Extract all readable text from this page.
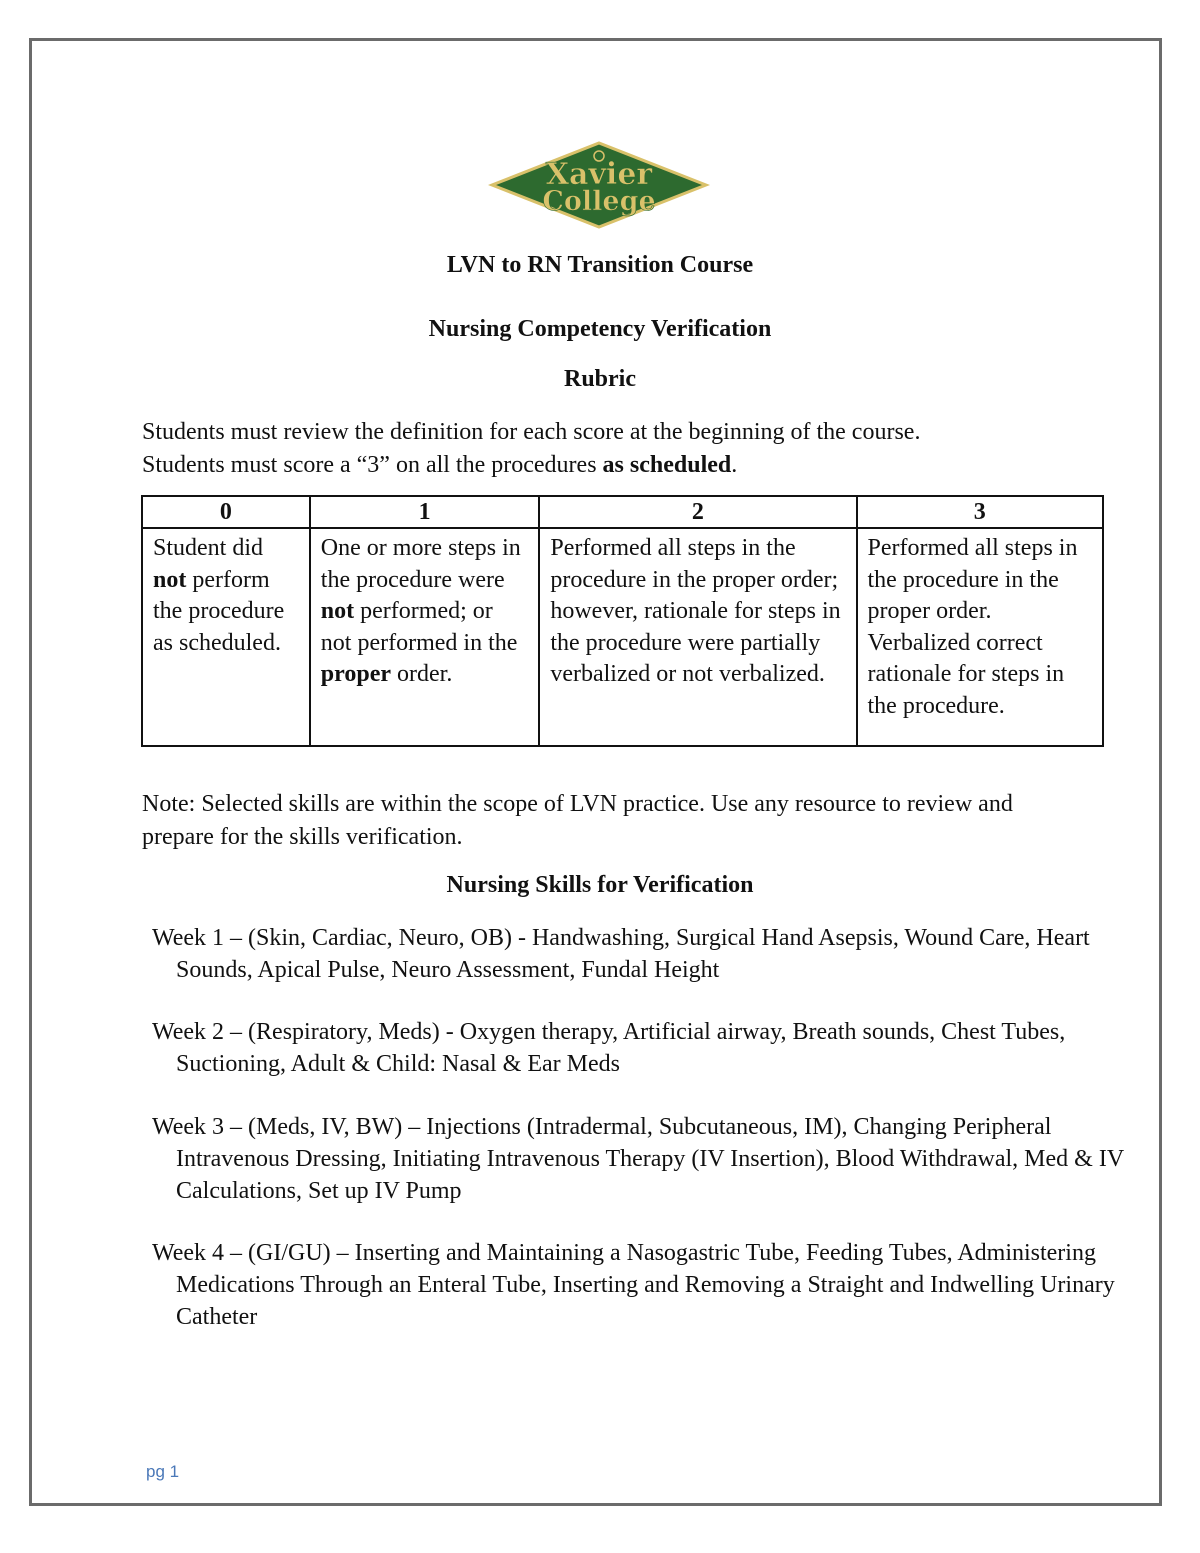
Xavier
College
LVN to RN Transition Course
Nursing Competency Verification
Rubric
Students must review the definition for each score at the beginning of the course.
Students must score a “3” on all the procedures as scheduled.
0	1	2	3
Student did not perform the procedure as scheduled.	One or more steps in the procedure were not performed; or not performed in the proper order.	Performed all steps in the procedure in the proper order; however, rationale for steps in the procedure were partially verbalized or not verbalized.	Performed all steps in the procedure in the proper order. Verbalized correct rationale for steps in the procedure.
Note: Selected skills are within the scope of LVN practice. Use any resource to review and prepare for the skills verification.
Nursing Skills for Verification
Week 1 – (Skin, Cardiac, Neuro, OB) - Handwashing, Surgical Hand Asepsis, Wound Care, Heart Sounds, Apical Pulse, Neuro Assessment, Fundal Height
Week 2 – (Respiratory, Meds) - Oxygen therapy, Artificial airway, Breath sounds, Chest Tubes, Suctioning, Adult & Child: Nasal & Ear Meds
Week 3 – (Meds, IV, BW) – Injections (Intradermal, Subcutaneous, IM), Changing Peripheral Intravenous Dressing, Initiating Intravenous Therapy (IV Insertion), Blood Withdrawal, Med & IV Calculations, Set up IV Pump
Week 4 – (GI/GU) – Inserting and Maintaining a Nasogastric Tube, Feeding Tubes, Administering Medications Through an Enteral Tube, Inserting and Removing a Straight and Indwelling Urinary Catheter
pg 1
